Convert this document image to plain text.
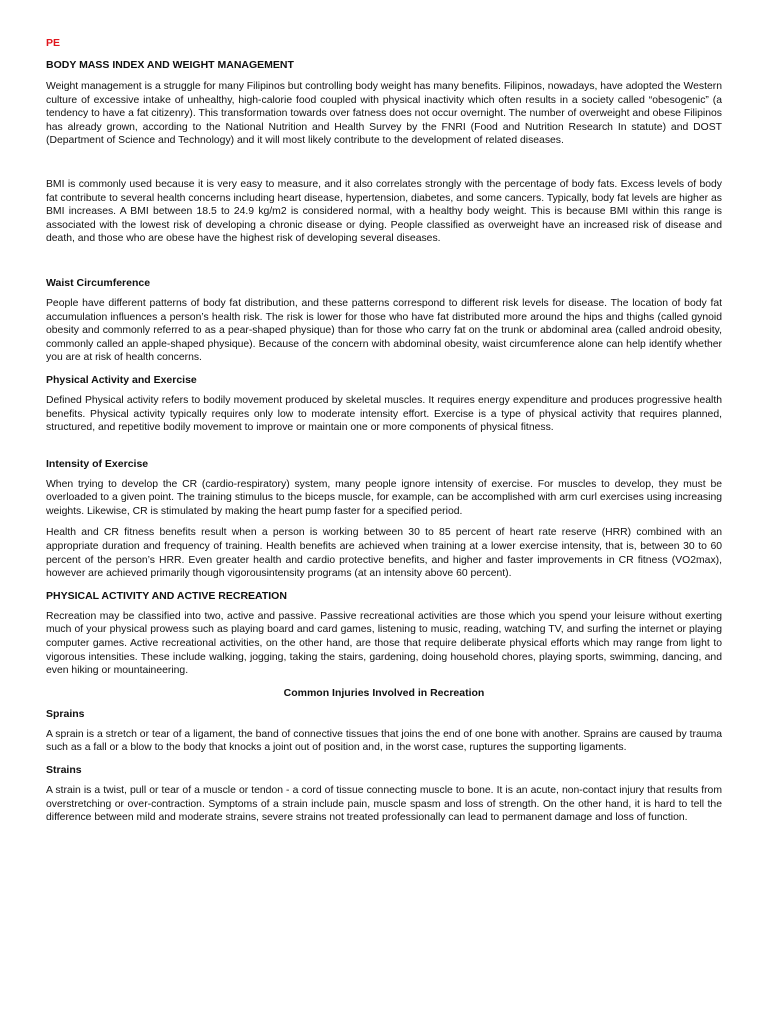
PE
BODY MASS INDEX AND WEIGHT MANAGEMENT

Weight management is a struggle for many Filipinos but controlling body weight has many benefits. Filipinos, nowadays, have adopted the Western culture of excessive intake of unhealthy, high-calorie food coupled with physical inactivity which often results in a society called “obesogenic” (a tendency to have a fat citizenry). This transformation towards over fatness does not occur overnight. The number of overweight and obese Filipinos has already grown, according to the National Nutrition and Health Survey by the FNRI (Food and Nutrition Research In statute) and DOST (Department of Science and Technology) and it will most likely contribute to the development of related diseases.

BMI is commonly used because it is very easy to measure, and it also correlates strongly with the percentage of body fats. Excess levels of body fat contribute to several health concerns including heart disease, hypertension, diabetes, and some cancers. Typically, body fat levels are higher as BMI increases. A BMI between 18.5 to 24.9 kg/m2 is considered normal, with a healthy body weight. This is because BMI within this range is associated with the lowest risk of developing a chronic disease or dying. People classified as overweight have an increased risk of disease and death, and those who are obese have the highest risk of developing several diseases.

Waist Circumference

People have different patterns of body fat distribution, and these patterns correspond to different risk levels for disease. The location of body fat accumulation influences a person’s health risk. The risk is lower for those who have fat distributed more around the hips and thighs (called gynoid obesity and commonly referred to as a pear-shaped physique) than for those who carry fat on the trunk or abdominal area (called android obesity, commonly called an apple-shaped physique). Because of the concern with abdominal obesity, waist circumference alone can help identify whether you are at risk of health concerns.

Physical Activity and Exercise

Defined Physical activity refers to bodily movement produced by skeletal muscles. It requires energy expenditure and produces progressive health benefits. Physical activity typically requires only low to moderate intensity effort. Exercise is a type of physical activity that requires planned, structured, and repetitive bodily movement to improve or maintain one or more components of physical fitness.

Intensity of Exercise

When trying to develop the CR (cardio-respiratory) system, many people ignore intensity of exercise. For muscles to develop, they must be overloaded to a given point. The training stimulus to the biceps muscle, for example, can be accomplished with arm curl exercises using increasing weights. Likewise, CR is stimulated by making the heart pump faster for a specified period.

Health and CR fitness benefits result when a person is working between 30 to 85 percent of heart rate reserve (HRR) combined with an appropriate duration and frequency of training. Health benefits are achieved when training at a lower exercise intensity, that is, between 30 to 60 percent of the person’s HRR. Even greater health and cardio protective benefits, and higher and faster improvements in CR fitness (VO2max), however are achieved primarily though vigorousintensity programs (at an intensity above 60 percent).

PHYSICAL ACTIVITY AND ACTIVE RECREATION

Recreation may be classified into two, active and passive. Passive recreational activities are those which you spend your leisure without exerting much of your physical prowess such as playing board and card games, listening to music, reading, watching TV, and surfing the internet or playing computer games. Active recreational activities, on the other hand, are those that require deliberate physical efforts which may range from light to vigorous intensities. These include walking, jogging, taking the stairs, gardening, doing household chores, playing sports, swimming, dancing, and even hiking or mountaineering.

Common Injuries Involved in Recreation
Sprains

A sprain is a stretch or tear of a ligament, the band of connective tissues that joins the end of one bone with another. Sprains are caused by trauma such as a fall or a blow to the body that knocks a joint out of position and, in the worst case, ruptures the supporting ligaments.

Strains

A strain is a twist, pull or tear of a muscle or tendon - a cord of tissue connecting muscle to bone. It is an acute, non-contact injury that results from overstretching or over-contraction. Symptoms of a strain include pain, muscle spasm and loss of strength. On the other hand, it is hard to tell the difference between mild and moderate strains, severe strains not treated professionally can lead to permanent damage and loss of function.
